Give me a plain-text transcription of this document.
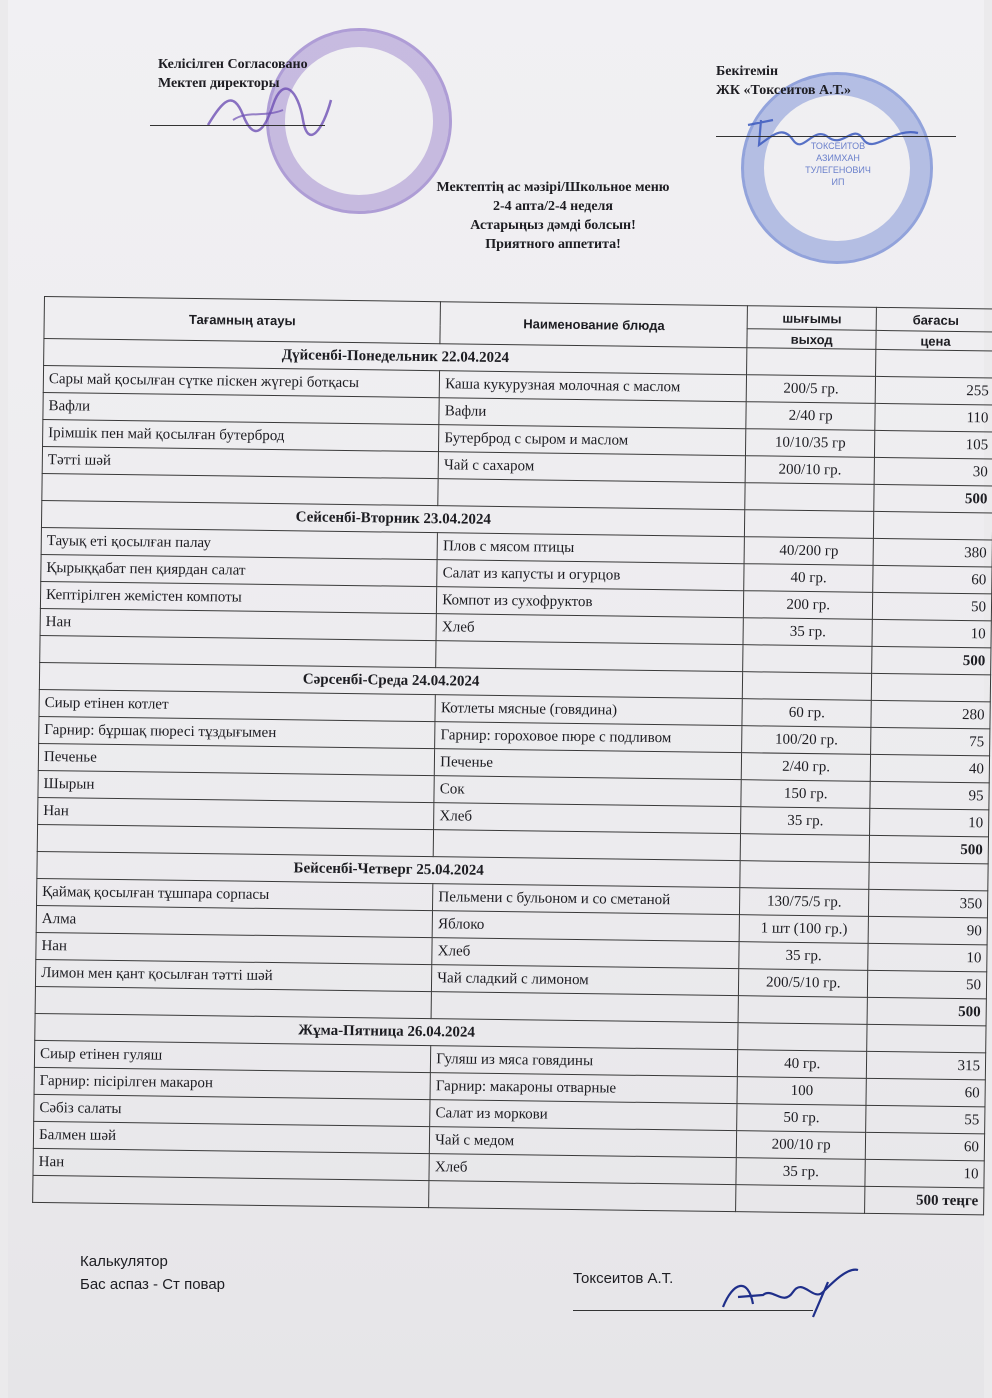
Келісілген Согласовано
Мектеп директоры
ТОКСЕИТОВ
АЗИМХАН
ТУЛЕГЕНОВИЧ
ИП
Бекітемін
ЖК «Токсеитов А.Т.»
Мектептің ас мәзірі/Школьное меню
2-4 апта/2-4 неделя
Астарыңыз дәмді болсын!
Приятного аппетита!
Тағамның атауы	Наименование блюда	шығымы	бағасы
		выход	цена
Дүйсенбі-Понедельник 22.04.2024			
Сары май қосылған сүтке піскен жүгері ботқасы	Каша кукурузная молочная с маслом	200/5 гр.	255
Вафли	Вафли	2/40 гр	110
Ірімшік пен май қосылған бутерброд	Бутерброд с сыром и маслом	10/10/35 гр	105
Тәтті шәй	Чай с сахаром	200/10 гр.	30
			500
Сейсенбі-Вторник 23.04.2024			
Тауық еті қосылған палау	Плов с мясом птицы	40/200 гр	380
Қырыққабат пен қиярдан салат	Салат из капусты и огурцов	40 гр.	60
Кептірілген жемістен компоты	Компот из сухофруктов	200 гр.	50
Нан	Хлеб	35 гр.	10
			500
Сәрсенбі-Среда 24.04.2024			
Сиыр етінен котлет	Котлеты мясные (говядина)	60 гр.	280
Гарнир: бұршақ пюресі тұздығымен	Гарнир: гороховое пюре с подливом	100/20 гр.	75
Печенье	Печенье	2/40 гр.	40
Шырын	Сок	150 гр.	95
Нан	Хлеб	35 гр.	10
			500
Бейсенбі-Четверг 25.04.2024			
Қаймақ қосылған тұшпара сорпасы	Пельмени с бульоном и со сметаной	130/75/5 гр.	350
Алма	Яблоко	1 шт (100 гр.)	90
Нан	Хлеб	35 гр.	10
Лимон мен қант қосылған тәтті шәй	Чай сладкий с лимоном	200/5/10 гр.	50
			500
Жұма-Пятница 26.04.2024			
Сиыр етінен гуляш	Гуляш из мяса говядины	40 гр.	315
Гарнир: пісірілген макарон	Гарнир: макароны отварные	100	60
Сәбіз салаты	Салат из моркови	50 гр.	55
Балмен шәй	Чай с медом	200/10 гр	60
Нан	Хлеб	35 гр.	10
			500 теңге
Калькулятор
Бас аспаз - Ст повар	Токсеитов А.Т.
